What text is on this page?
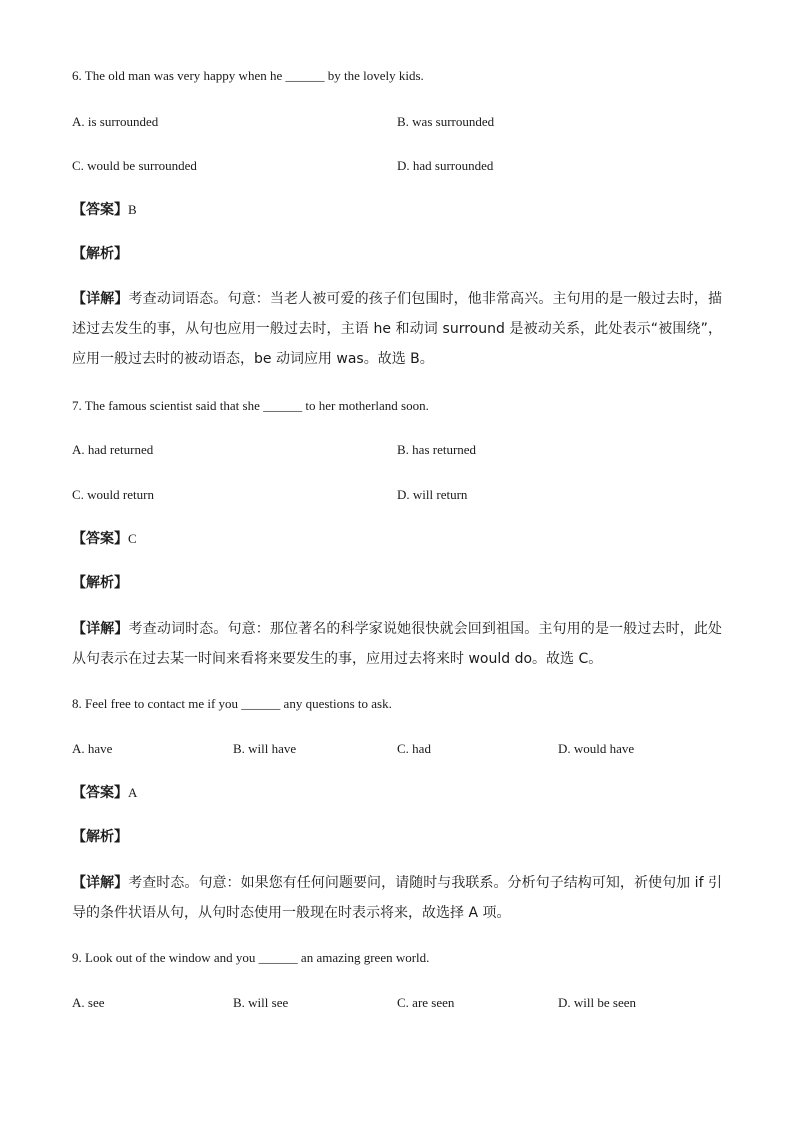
6. The old man was very happy when he ______ by the lovely kids.
A. is surrounded	B. was surrounded
C. would be surrounded	D. had surrounded
【答案】B
【解析】
【详解】考查动词语态。句意：当老人被可爱的孩子们包围时，他非常高兴。主句用的是一般过去时，描述过去发生的事，从句也应用一般过去时，主语 he 和动词 surround 是被动关系，此处表示“被围绕”，应用一般过去时的被动语态，be 动词应用 was。故选 B。
7. The famous scientist said that she ______ to her motherland soon.
A. had returned	B. has returned
C. would return	D. will return
【答案】C
【解析】
【详解】考查动词时态。句意：那位著名的科学家说她很快就会回到祖国。主句用的是一般过去时，此处从句表示在过去某一时间来看将来要发生的事，应用过去将来时 would do。故选 C。
8. Feel free to contact me if you ______ any questions to ask.
A. have	B. will have	C. had	D. would have
【答案】A
【解析】
【详解】考查时态。句意：如果您有任何问题要问，请随时与我联系。分析句子结构可知，祈使句加 if 引导的条件状语从句，从句时态使用一般现在时表示将来，故选择 A 项。
9. Look out of the window and you ______ an amazing green world.
A. see	B. will see	C. are seen	D. will be seen
